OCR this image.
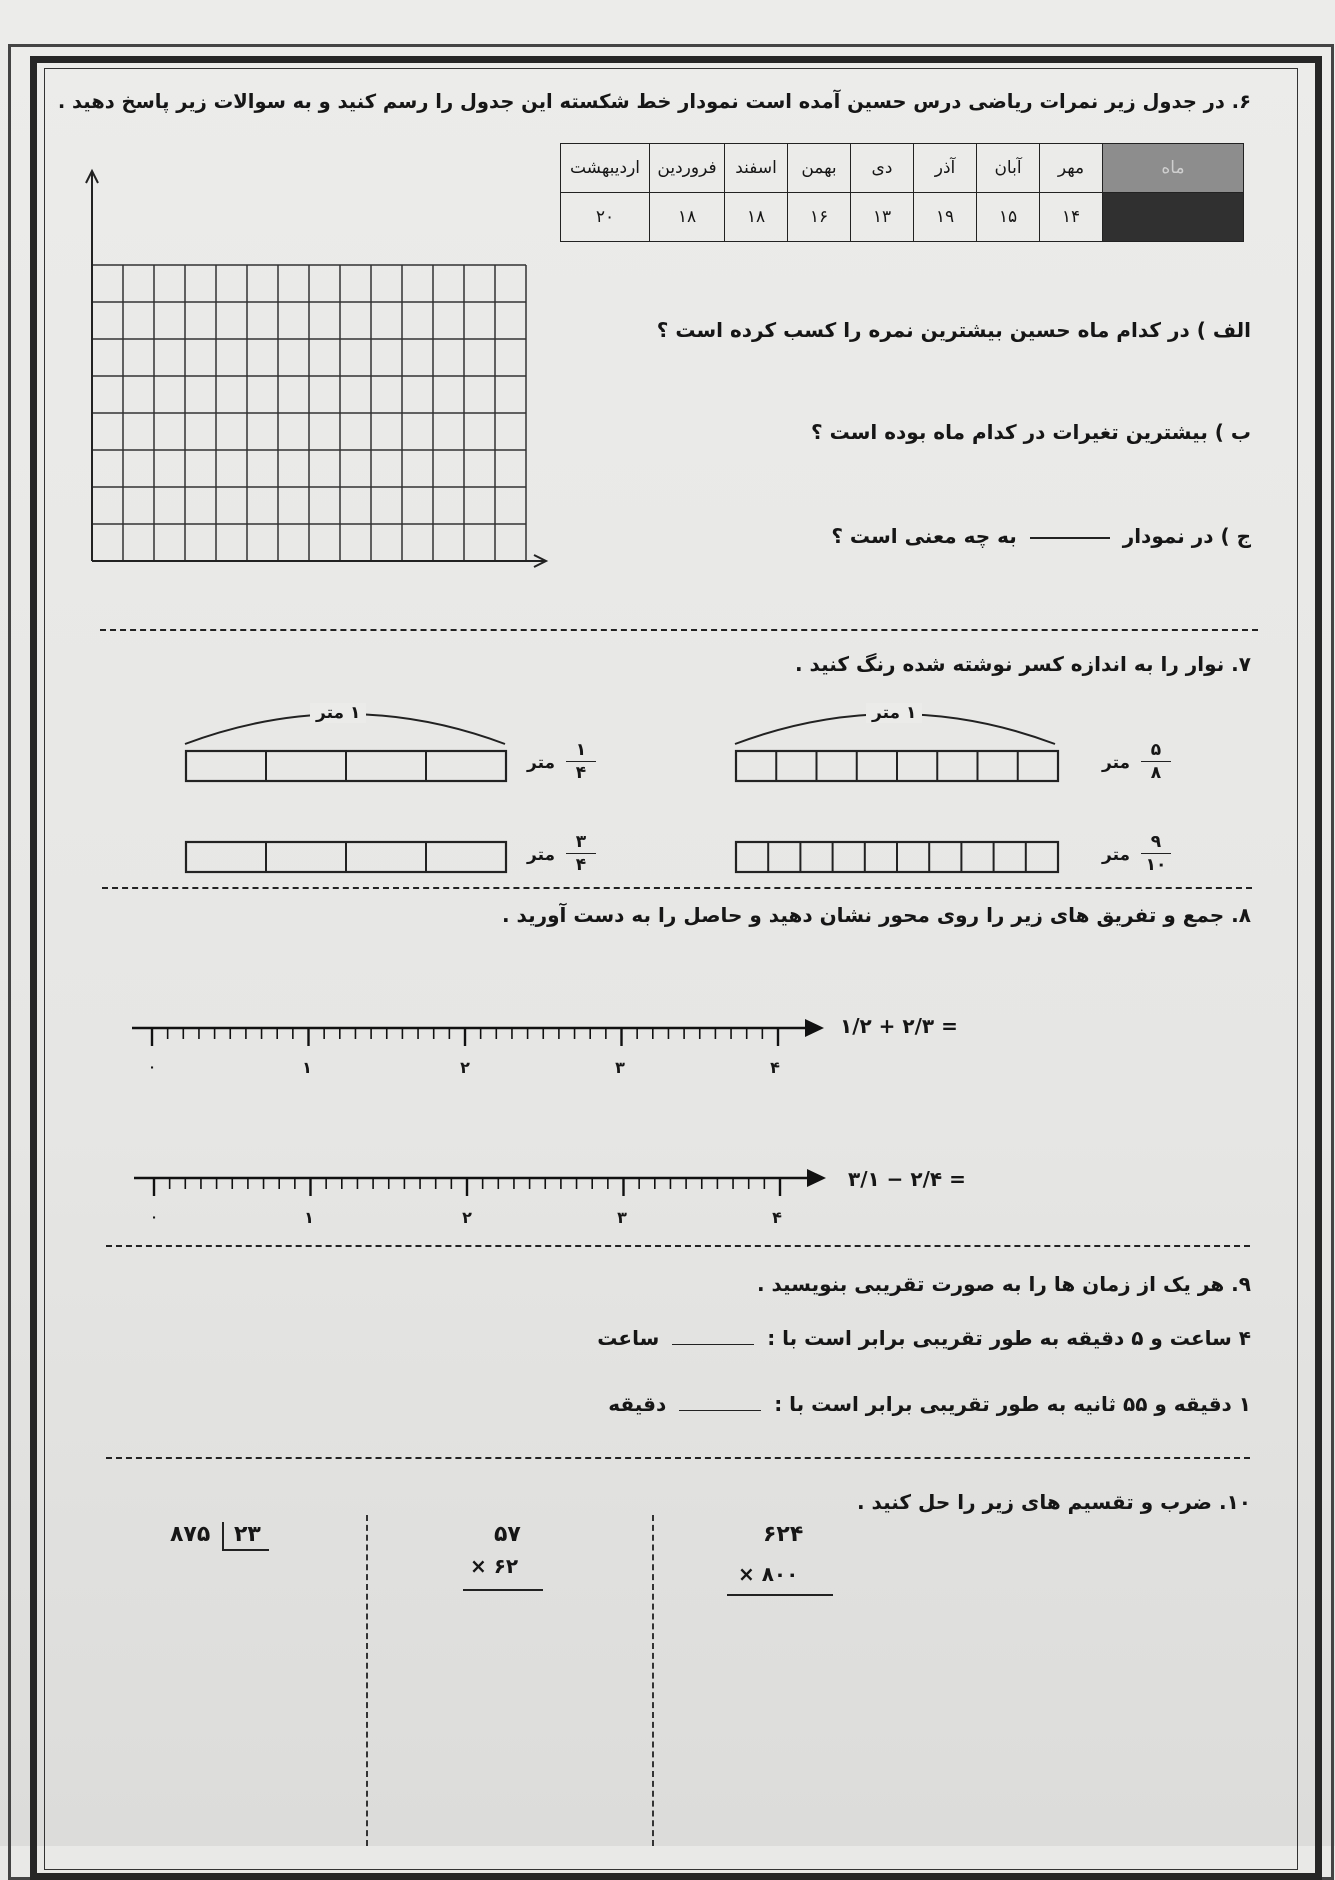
۶. در جدول زیر نمرات ریاضی درس حسین آمده است نمودار خط شکسته این جدول را رسم کنید و به سوالات زیر پاسخ دهید .
ماه	مهر	آبان	آذر	دی	بهمن	اسفند	فروردین	اردیبهشت
	۱۴	۱۵	۱۹	۱۳	۱۶	۱۸	۱۸	۲۰
الف ) در کدام ماه حسین بیشترین نمره را کسب کرده است ؟
ب ) بیشترین تغیرات در کدام ماه بوده است ؟
ج ) در نمودار  به چه معنی است ؟
۷. نوار را به اندازه کسر نوشته شده رنگ کنید .
۱ متر
متر
۵
۸
۱ متر
متر
۱
۴
متر
۹
۱۰
متر
۳
۴
۸. جمع و تفریق های زیر را روی محور نشان دهید و حاصل را به دست آورید .
۱/۲ + ۲/۳ =
۰	۱	۲	۳	۴
۳/۱ − ۲/۴ =
۰	۱	۲	۳	۴
۹. هر یک از زمان ها را به صورت تقریبی بنویسید .
۴ ساعت و ۵ دقیقه به طور تقریبی برابر است با :  ساعت
۱ دقیقه و ۵۵ ثانیه به طور تقریبی برابر است با :  دقیقه
۱۰. ضرب و تقسیم های زیر را حل کنید .
۶۲۴
× ۸۰۰
۵۷
× ۶۲
۸۷۵	۲۳
